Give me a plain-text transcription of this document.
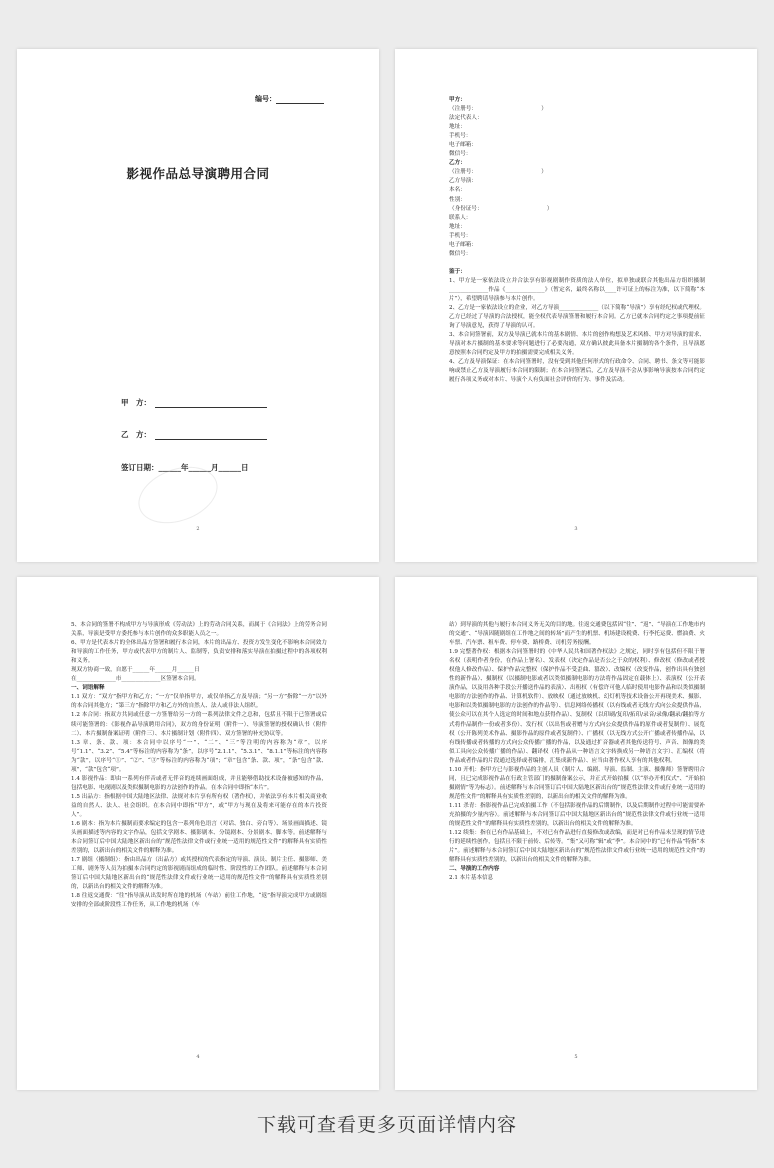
编号：
影视作品总导演聘用合同
甲　方：
乙　方：
签订日期：______年______月______日
2

甲方：

（注册号：　　　　　　　　　　　　）

法定代表人：

地址：

手机号：

电子邮箱：

微信号：

乙方：

（注册号：　　　　　　　　　　　　）

乙方导演：

本名：

性别：

（身份证号：　　　　　　　　　　　　）

联系人：

地址：

手机号：

电子邮箱：

微信号：

鉴于：

1、甲方是一家依法设立并合法享有影视剧制作资质的法人单位，拟单独或联合其他出品方组织摄制______________作品《______________》（暂定名，最终名称以____许可证上的标注为准，以下简称“本片”），希望聘请导演参与本片创作。

2、乙方是一家依法设立的企业，对乙方导演______________（以下简称“导演”）享有经纪权或代理权。乙方已经过了导演的合法授权，能全权代表导演签署和履行本合同。乙方已就本合同约定之事项提前征询了导演意见，获得了导演的认可。

3、本合同签署前，双方及导演已就本片的基本剧情、本片的创作构想及艺术风格、甲方对导演的需求、导演对本片摄制的基本要求等问题进行了必要沟通，双方确认彼此具备本片摄制的各个条件，且导演愿意按照本合同约定及甲方的拍摄需要完成相关义务。

4、乙方及导演保证：在本合同签署时，没有受到其他任何形式的行政命令、合同、聘书、条文等可能影响或禁止乙方及导演履行本合同的限制；在本合同签署后，乙方及导演不会从事影响导演按本合同约定履行各项义务或对本片、导演个人有负面社会评价的行为、事件及活动。

3

5、本合同的签署不构成甲方与导演形成《劳动法》上的劳动合同关系，而属于《合同法》上的劳务合同关系，导演是受甲方委托参与本片创作的众多职能人员之一。

6、甲方是代表本片的全体出品方签署和履行本合同，本片的出品方、投资方发生变化不影响本合同效力和导演的工作任务，甲方或代表甲方的制片人、监制等，负责安排和落实导演在拍摄过程中的各项权利和义务。

现双方协商一致，自愿于______年______月______日

在______________市______________区签署本合同。

一、词语解释

1.1 双方：“双方”指甲方和乙方；“一方”仅单指甲方，或仅单指乙方及导演；“另一方”指除“一方”以外的本合同其他方；“第三方”指除甲方和乙方外的自然人、法人或非法人组织。

1.2 本合同：指双方共同或任意一方签署给另一方的一系列法律文件之总和，包括且不限于已签署或后续可能签署的：《影视作品导演聘用合同》，双方的身份证明（附件一）、导演签署的授权确认书（附件二）、本片摄制备案证明（附件三）、本片摄制计划（附件四）、双方签署的补充协议等。

1.3 章、条、款、项：本合同中以序号“一”、“二”、“三”等注明的内容称为“章”，以序号“1.1”、“3.2”、“5.4”等标注的内容称为“条”，以序号“2.1.1”、“5.3.1”、“8.1.1”等标注的内容称为“款”，以序号“①”、“②”、“③”等标注的内容称为“项”；“章”包含“条、款、项”，“条”包含“款、项”，“款”包含“项”。

1.4 影视作品：即由一系列有伴音或者无伴音的连续画面组成，并且能够借助技术设备被感知的作品，包括电影、电视剧以及类似摄制电影的方法创作的作品。在本合同中即指“本片”。

1.5 出品方：指根据中国大陆地区法律、法规对本片享有所有权（著作权），并依法享有本片相关商业收益的自然人、法人、社会组织。在本合同中即指“甲方”，或“甲方与现在及将来可能存在的本片投资人”。

1.6 剧本：指为本片摄制而要求编定的包含一系列角色语言（对话、独白、旁白等）、场景画面描述、镜头画面描述等内容的文字作品，包括文学剧本、摄影剧本、分镜剧本、分景剧本、脚本等。前述解释与本合同签订后中国大陆地区新出台的“规范性法律文件或行业统一适用的规范性文件”的解释具有实质性差别的，以新出台的相关文件的解释为准。

1.7 剧组（摄制组）：指由出品方（出品方）或其授权的代表指定的导演、演员、制片主任、摄影师、美工师、剧务等人员为拍摄本合同约定的影视剧而组成的临时性、阶段性的工作团队。前述解释与本合同签订后中国大陆地区新出台的“规范性法律文件或行业统一适用的规范性文件”的解释具有实质性差别的，以新出台的相关文件的解释为准。

1.8 往返交通费：“往”指导演从出发时所在地的机场（车站）前往工作地，“返”指导演完成甲方或剧组安排的全部或阶段性工作任务，从工作地的机场（车

4

站）到导演的其他与履行本合同义务无关的目的地。往返交通费包括因“往”、“返”、“导演在工作地市内的交通”、“导演因随剧组在工作地之间的转场”而产生的机票、机场建设税费、行李托运费、燃油费、火车票、汽车票、租车费、停车费、路桥费、司机劳务报酬。

1.9 完整著作权：根据本合同签署时的《中华人民共和国著作权法》之规定，同时享有包括但不限于署名权（表明作者身份，在作品上署名）、发表权（决定作品是否公之于众的权利）、修改权（修改或者授权他人修改作品）、保护作品完整权（保护作品不受歪曲、篡改）、改编权（改变作品，创作出具有独创性的新作品）、摄制权（以摄制电影或者以类似摄制电影的方法将作品固定在载体上）、表演权（公开表演作品，以及用各种手段公开播送作品的表演）、出租权（有偿许可他人临时使用电影作品和以类似摄制电影的方法创作的作品、计算机软件）、放映权（通过放映机、幻灯机等技术设备公开再现美术、摄影、电影和以类似摄制电影的方法创作的作品等）、信息网络传播权（以有线或者无线方式向公众提供作品，使公众可以在其个人选定的时间和地点获得作品）、复制权（以印刷/复印/拓印/录音/录像/翻录/翻拍等方式将作品制作一份或者多份）、发行权（以出售或者赠与方式向公众提供作品的原件或者复制件）、展览权（公开陈列美术作品、摄影作品的原件或者复制件）、广播权（以无线方式公开广播或者传播作品，以有线传播或者转播的方式向公众传播广播的作品，以及通过扩音器或者其他传送符号、声音、图像的类似工具向公众传播广播的作品）、翻译权（将作品从一种语言文字转换成另一种语言文字）、汇编权（将作品或者作品的片段通过选择或者编排，汇集成新作品）、应当由著作权人享有的其他权利。

1.10 开机：指甲方已与影视作品的主创人员（制片人、编剧、导演、监制、主演、摄像师）签署聘用合同，且已完成影视作品在行政主管部门的摄制备案公示，并正式开始拍摄（以“举办开机仪式”、“开始拍摄剧情”等为标志）。前述解释与本合同签订后中国大陆地区新出台的“规范性法律文件或行业统一适用的规范性文件”的解释具有实质性差别的，以新出台的相关文件的解释为准。

1.11 杀青：指影视作品已完成拍摄工作（不包括影视作品的后期制作，以及后期制作过程中可能需要补充拍摄的少量内容）。前述解释与本合同签订后中国大陆地区新出台的“规范性法律文件或行业统一适用的规范性文件”的解释具有实质性差别的，以新出台的相关文件的解释为准。

1.12 续集：指在已有作品基础上，不对已有作品进行直接修改或改编，而是对已有作品未呈现的情节进行的延续性创作，包括且不限于前传、后传等。“集”又可称“辑”或“季”。本合同中的“已有作品”特指“本片”。前述解释与本合同签订后中国大陆地区新出台的“规范性法律文件或行业统一适用的规范性文件”的解释具有实质性差别的，以新出台的相关文件的解释为准。

二、导演的工作内容

2.1 本片基本信息

5
下载可查看更多页面详情内容
